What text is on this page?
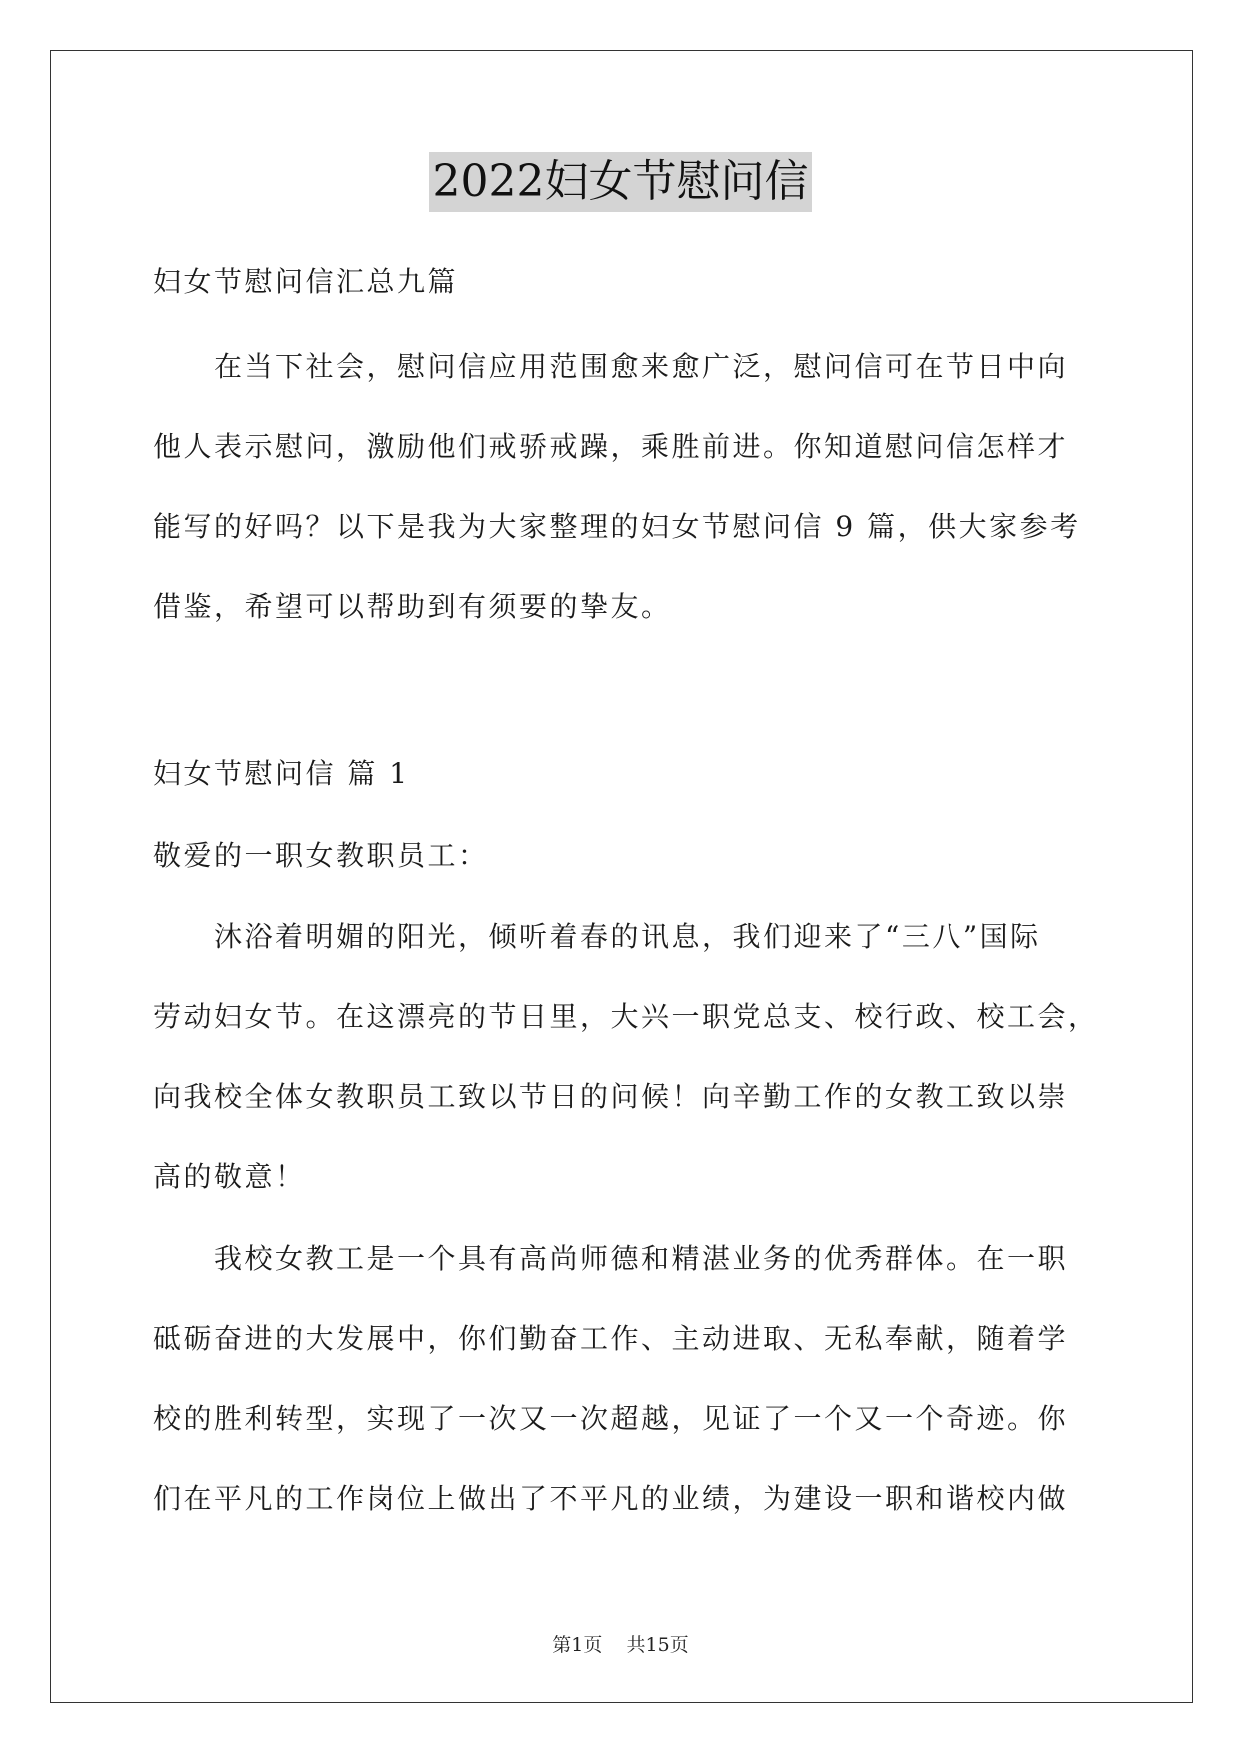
2022妇女节慰问信
妇女节慰问信汇总九篇
　　在当下社会，慰问信应用范围愈来愈广泛，慰问信可在节日中向
他人表示慰问，激励他们戒骄戒躁，乘胜前进。你知道慰问信怎样才
能写的好吗？以下是我为大家整理的妇女节慰问信 9 篇，供大家参考
借鉴，希望可以帮助到有须要的挚友。
妇女节慰问信 篇 1
敬爱的一职女教职员工：
　　沐浴着明媚的阳光，倾听着春的讯息，我们迎来了“三八”国际
劳动妇女节。在这漂亮的节日里，大兴一职党总支、校行政、校工会，
向我校全体女教职员工致以节日的问候！向辛勤工作的女教工致以崇
高的敬意！
　　我校女教工是一个具有高尚师德和精湛业务的优秀群体。在一职
砥砺奋进的大发展中，你们勤奋工作、主动进取、无私奉献，随着学
校的胜利转型，实现了一次又一次超越，见证了一个又一个奇迹。你
们在平凡的工作岗位上做出了不平凡的业绩，为建设一职和谐校内做
第1页 共15页
